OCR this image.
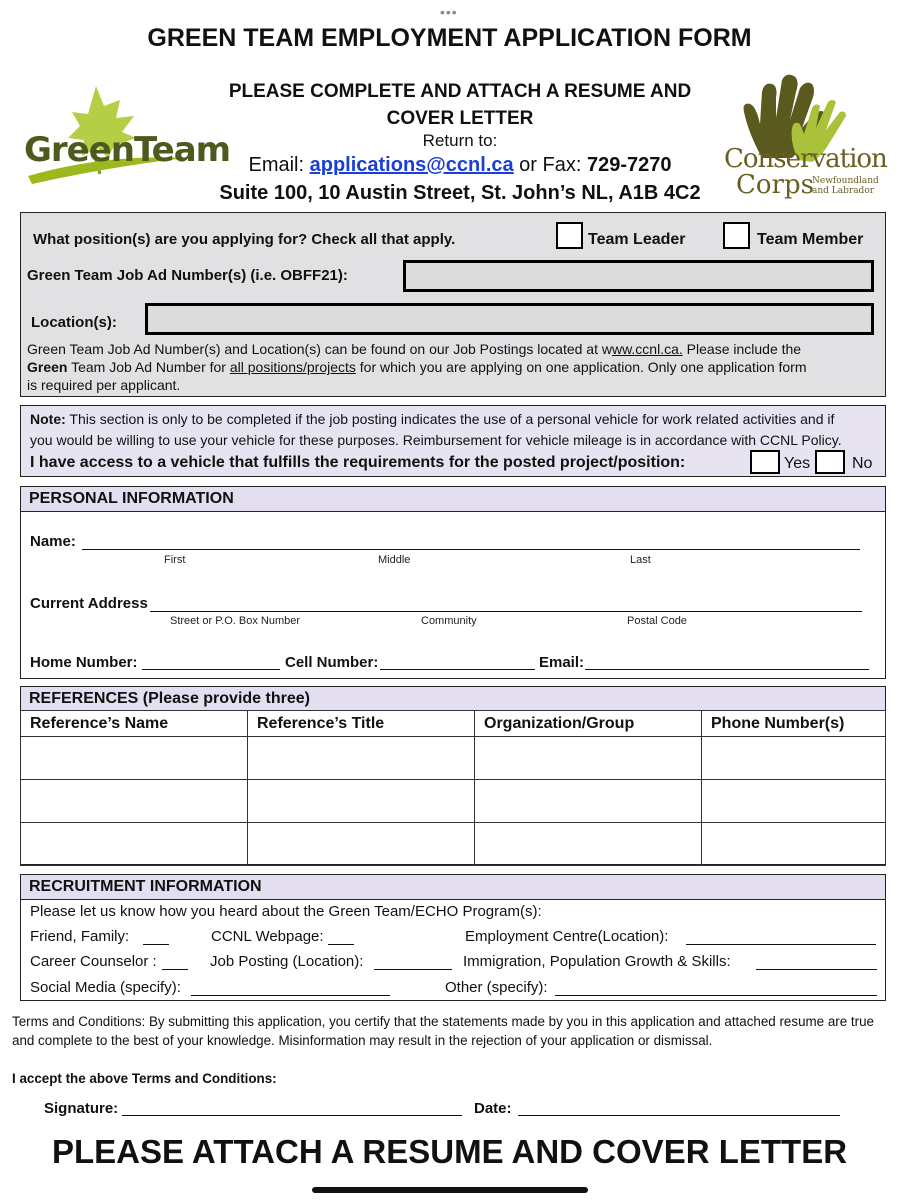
•••
GREEN TEAM EMPLOYMENT APPLICATION FORM
GreenTeam
PLEASE COMPLETE AND ATTACH A RESUME AND
COVER LETTER
Return to:
Email: applications@ccnl.ca or Fax: 729-7270
Suite 100, 10 Austin Street, St. John’s NL, A1B 4C2
Conservation
Corps
Newfoundland
and Labrador
What position(s) are you applying for? Check all that apply.	Team Leader	Team Member
Green Team Job Ad Number(s) (i.e. OBFF21):
Location(s):
Green Team Job Ad Number(s) and Location(s) can be found on our Job Postings located at www.ccnl.ca. Please include the
Green Team Job Ad Number for all positions/projects for which you are applying on one application. Only one application form
is required per applicant.
Note: This section is only to be completed if the job posting indicates the use of a personal vehicle for work related activities and if
you would be willing to use your vehicle for these purposes. Reimbursement for vehicle mileage is in accordance with CCNL Policy.
I have access to a vehicle that fulfills the requirements for the posted project/position:	Yes	No
PERSONAL INFORMATION
Name:
First	Middle	Last
Current Address
Street or P.O. Box Number	Community	Postal Code
Home Number:	Cell Number:	Email:
REFERENCES (Please provide three)
Reference’s Name	Reference’s Title	Organization/Group	Phone Number(s)

RECRUITMENT INFORMATION
Please let us know how you heard about the Green Team/ECHO Program(s):
Friend, Family:	CCNL Webpage:	Employment Centre(Location):
Career Counselor :	Job Posting (Location):	Immigration, Population Growth & Skills:
Social Media (specify):	Other (specify):
Terms and Conditions: By submitting this application, you certify that the statements made by you in this application and attached resume are true and complete to the best of your knowledge. Misinformation may result in the rejection of your application or dismissal.
I accept the above Terms and Conditions:
Signature:	Date:
PLEASE ATTACH A RESUME AND COVER LETTER
